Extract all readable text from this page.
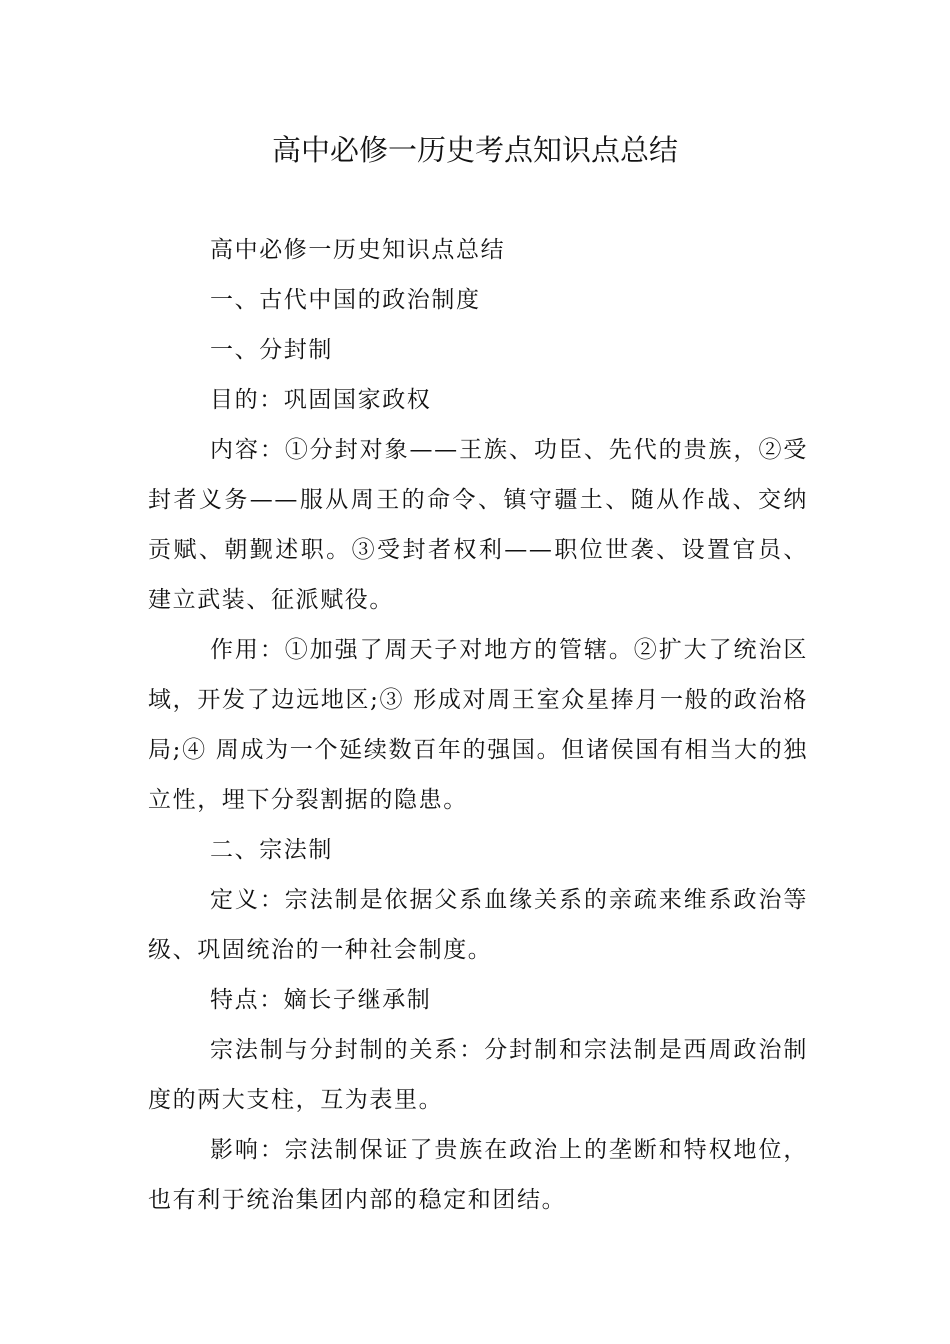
高中必修一历史考点知识点总结

高中必修一历史知识点总结

一、古代中国的政治制度

一、分封制

目的：巩固国家政权

内容：①分封对象——王族、功臣、先代的贵族，②受封者义务——服从周王的命令、镇守疆土、随从作战、交纳贡赋、朝觐述职。③受封者权利——职位世袭、设置官员、建立武装、征派赋役。

作用：①加强了周天子对地方的管辖。②扩大了统治区域，开发了边远地区;③ 形成对周王室众星捧月一般的政治格局;④ 周成为一个延续数百年的强国。但诸侯国有相当大的独立性，埋下分裂割据的隐患。

二、宗法制

定义：宗法制是依据父系血缘关系的亲疏来维系政治等级、巩固统治的一种社会制度。

特点：嫡长子继承制

宗法制与分封制的关系：分封制和宗法制是西周政治制度的两大支柱，互为表里。

影响：宗法制保证了贵族在政治上的垄断和特权地位，也有利于统治集团内部的稳定和团结。
